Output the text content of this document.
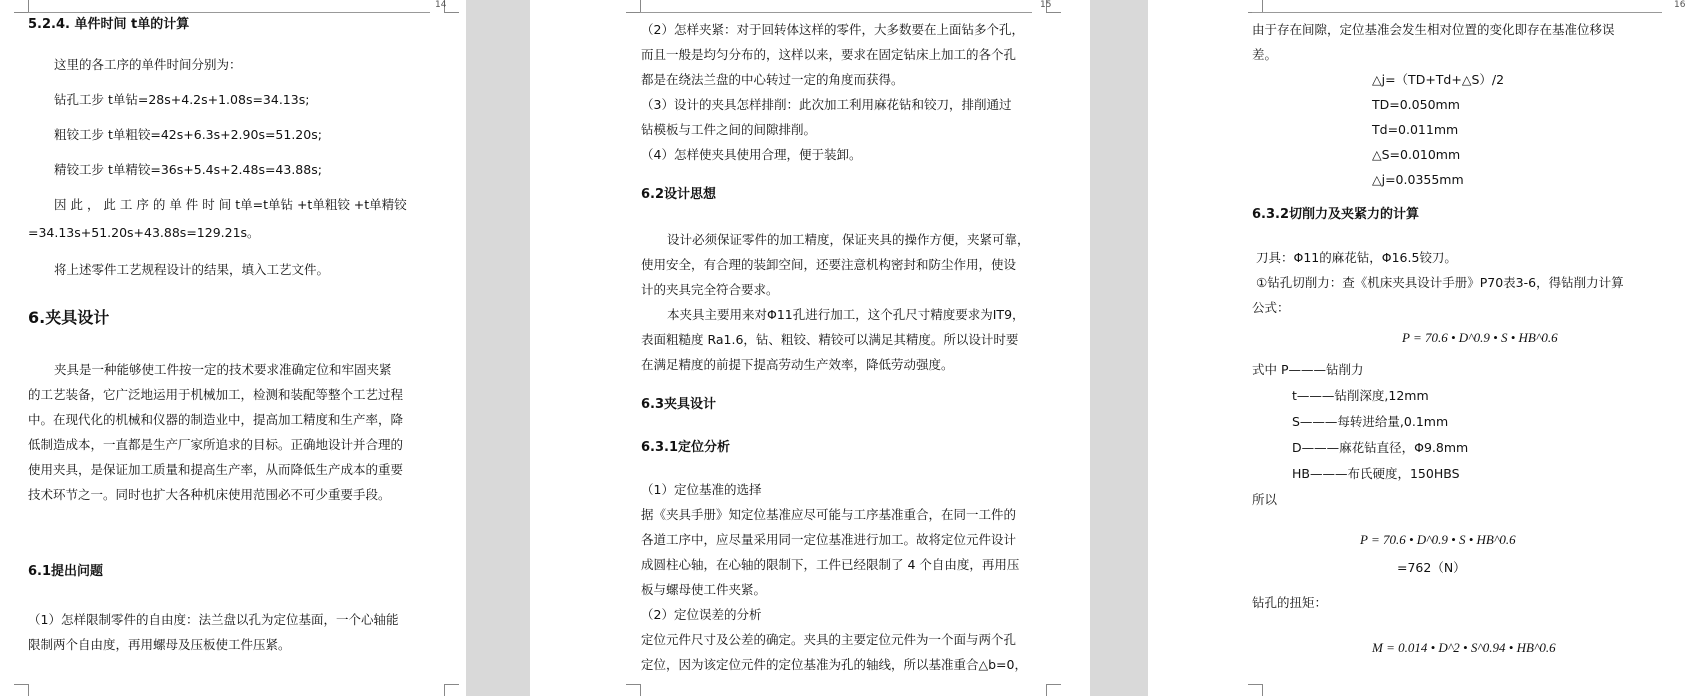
14
5.2.4. 单件时间 t单的计算
这里的各工序的单件时间分别为：
钻孔工步 t单钻=28s+4.2s+1.08s=34.13s;
粗铰工步 t单粗铰=42s+6.3s+2.90s=51.20s;
精铰工步 t单精铰=36s+5.4s+2.48s=43.88s;
因 此 ， 此 工 序 的 单 件 时 间 t单=t单钻 +t单粗铰 +t单精铰
=34.13s+51.20s+43.88s=129.21s。
将上述零件工艺规程设计的结果，填入工艺文件。
6.夹具设计
夹具是一种能够使工件按一定的技术要求准确定位和牢固夹紧
的工艺装备，它广泛地运用于机械加工，检测和装配等整个工艺过程
中。在现代化的机械和仪器的制造业中，提高加工精度和生产率，降
低制造成本，一直都是生产厂家所追求的目标。正确地设计并合理的
使用夹具，是保证加工质量和提高生产率，从而降低生产成本的重要
技术环节之一。同时也扩大各种机床使用范围必不可少重要手段。
6.1提出问题
（1）怎样限制零件的自由度：法兰盘以孔为定位基面，一个心轴能
限制两个自由度，再用螺母及压板使工件压紧。
15
（2）怎样夹紧：对于回转体这样的零件，大多数要在上面钻多个孔，
而且一般是均匀分布的，这样以来，要求在固定钻床上加工的各个孔
都是在绕法兰盘的中心转过一定的角度而获得。
（3）设计的夹具怎样排削：此次加工利用麻花钻和铰刀，排削通过
钻模板与工件之间的间隙排削。
（4）怎样使夹具使用合理，便于装卸。
6.2设计思想
设计必须保证零件的加工精度，保证夹具的操作方便，夹紧可靠，
使用安全，有合理的装卸空间，还要注意机构密封和防尘作用，使设
计的夹具完全符合要求。
本夹具主要用来对Φ11孔进行加工，这个孔尺寸精度要求为IT9，
表面粗糙度 Ra1.6，钻、粗铰、精铰可以满足其精度。所以设计时要
在满足精度的前提下提高劳动生产效率，降低劳动强度。
6.3夹具设计
6.3.1定位分析
（1）定位基准的选择
据《夹具手册》知定位基准应尽可能与工序基准重合，在同一工件的
各道工序中，应尽量采用同一定位基准进行加工。故将定位元件设计
成圆柱心轴，在心轴的限制下，工件已经限制了 4 个自由度，再用压
板与螺母使工件夹紧。
（2）定位误差的分析
定位元件尺寸及公差的确定。夹具的主要定位元件为一个面与两个孔
定位，因为该定位元件的定位基准为孔的轴线，所以基准重合△b=0，
16
由于存在间隙，定位基准会发生相对位置的变化即存在基准位移误
差。
△j=（TD+Td+△S）/2
TD=0.050mm
Td=0.011mm
△S=0.010mm
△j=0.0355mm
6.3.2切削力及夹紧力的计算
刀具：Φ11的麻花钻，Φ16.5铰刀。
①钻孔切削力：查《机床夹具设计手册》P70表3-6，得钻削力计算
公式：
P = 70.6 • D^0.9 • S • HB^0.6
式中 P———钻削力
t———钻削深度,12mm
S———每转进给量,0.1mm
D———麻花钻直径，Φ9.8mm
HB———布氏硬度，150HBS
所以
P = 70.6 • D^0.9 • S • HB^0.6
=762（N）
钻孔的扭矩：
M = 0.014 • D^2 • S^0.94 • HB^0.6
